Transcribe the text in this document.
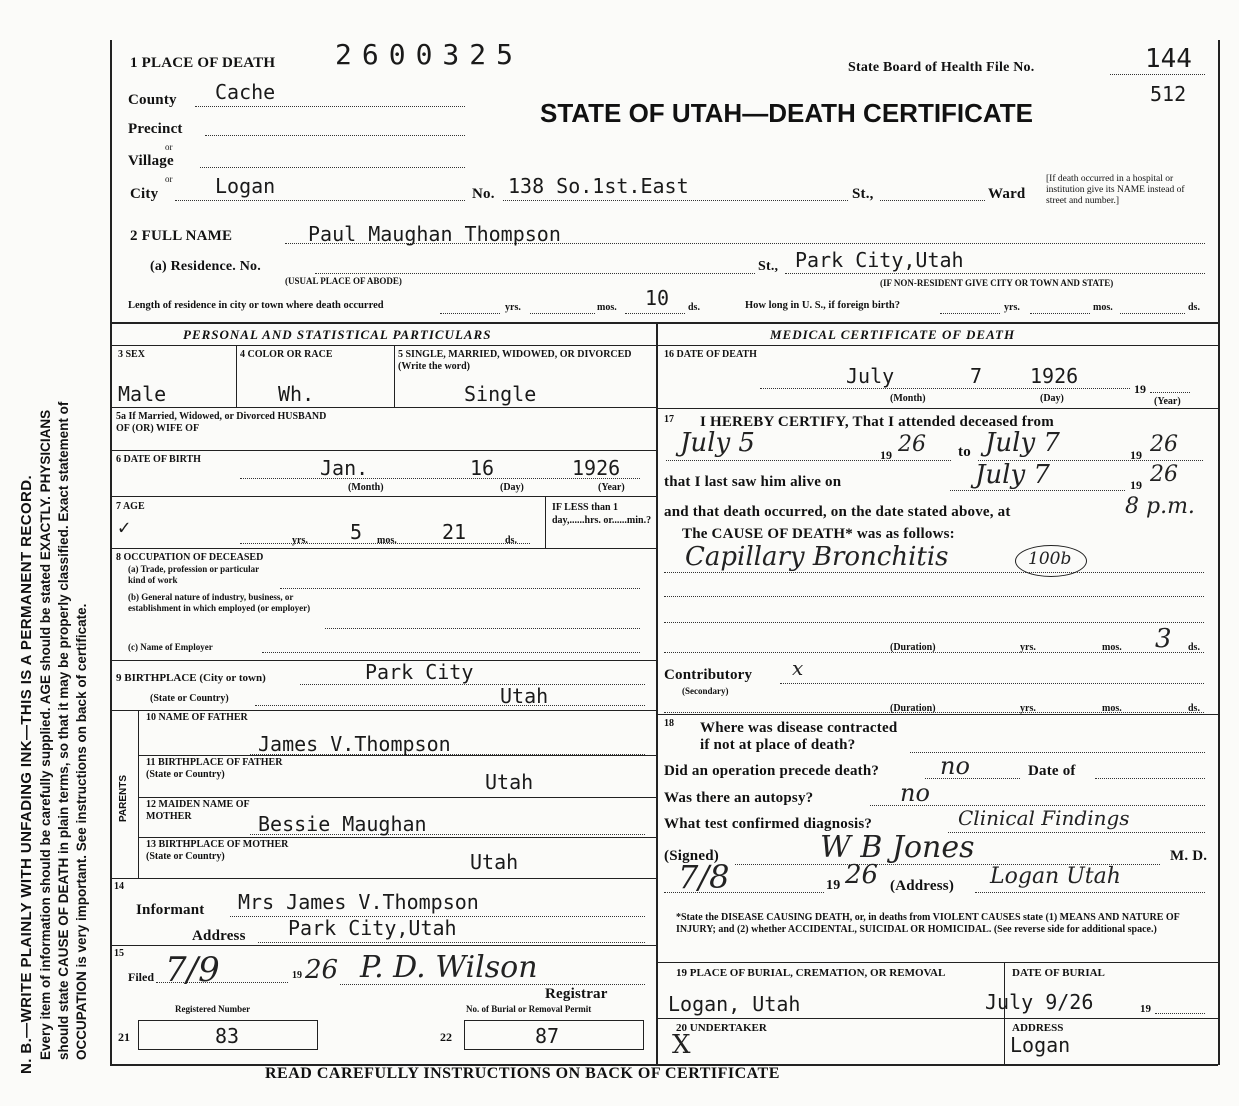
N. B.—WRITE PLAINLY WITH UNFADING INK—THIS IS A PERMANENT RECORD. Every item of information should be carefully supplied. AGE should be stated EXACTLY. PHYSICIANS should state CAUSE OF DEATH in plain terms, so that it may be properly classified. Exact statement of OCCUPATION is very important. See instructions on back of certificate.
1 PLACE OF DEATH 2600325	State Board of Health File No.	144
512
STATE OF UTAH—DEATH CERTIFICATE
County Cache
Precinct
or
Village
or
City	Logan	No. 138 So.1st.East	St.,	Ward
[If death occurred in a hospital or institution give its NAME instead of street and number.]
2 FULL NAME	Paul Maughan Thompson
(a) Residence. No.
(USUAL PLACE OF ABODE)
St., Park City,Utah
(IF NON-RESIDENT GIVE CITY OR TOWN AND STATE)
Length of residence in city or town where death occurred	yrs.	mos. 10 ds.	How long in U. S., if foreign birth?	yrs.	mos.	ds.
PERSONAL AND STATISTICAL PARTICULARS
3 SEX
Male
4 COLOR OR RACE
Wh.
5 SINGLE, MARRIED, WIDOWED, OR DIVORCED (Write the word)
Single
5a If Married, Widowed, or Divorced HUSBAND OF (OR) WIFE OF
6 DATE OF BIRTH	Jan.	16	1926
(Month)	(Day)	(Year)
7 AGE
✓
yrs. 5 mos. 21	ds.
IF LESS than 1 day,......hrs. or......min.?
8 OCCUPATION OF DECEASED
(a) Trade, profession or particular kind of work
(b) General nature of industry, business, or establishment in which employed (or employer)
(c) Name of Employer
9 BIRTHPLACE (City or town)	Park City
(State or Country)	Utah
PARENTS
10 NAME OF FATHER
James V.Thompson
11 BIRTHPLACE OF FATHER (State or Country)	Utah
12 MAIDEN NAME OF MOTHER	Bessie Maughan
13 BIRTHPLACE OF MOTHER (State or Country)	Utah
14
Informant Mrs James V.Thompson
Address Park City,Utah
15
Filed 7/9	19 26 P. D. Wilson
Registrar
Registered Number
21	83
No. of Burial or Removal Permit
22	87
MEDICAL CERTIFICATE OF DEATH
16 DATE OF DEATH
July	7 1926
19
(Month)	(Day)	(Year)
17 I HEREBY CERTIFY, That I attended deceased from
July 5	19 26 to July 7	19 26
that I last saw him alive on	July 7	19 26
and that death occurred, on the date stated above, at	8 p.m.
The CAUSE OF DEATH* was as follows:
Capillary Bronchitis	100b
(Duration)	yrs.	mos. 3 ds.
Contributory
(Secondary)
x
(Duration)	yrs.	mos.	ds.
18 Where was disease contracted
if not at place of death?
Did an operation precede death?	no	Date of
Was there an autopsy?	no
What test confirmed diagnosis?	Clinical Findings
(Signed)	W B Jones	M. D.
7/8	19 26 (Address) Logan Utah
*State the DISEASE CAUSING DEATH, or, in deaths from VIOLENT CAUSES state (1) MEANS AND NATURE OF INJURY; and (2) whether ACCIDENTAL, SUICIDAL OR HOMICIDAL. (See reverse side for additional space.)
19 PLACE OF BURIAL, CREMATION, OR REMOVAL
Logan, Utah
DATE OF BURIAL
July 9/26	19
20 UNDERTAKER
X
ADDRESS
Logan
READ CAREFULLY INSTRUCTIONS ON BACK OF CERTIFICATE
